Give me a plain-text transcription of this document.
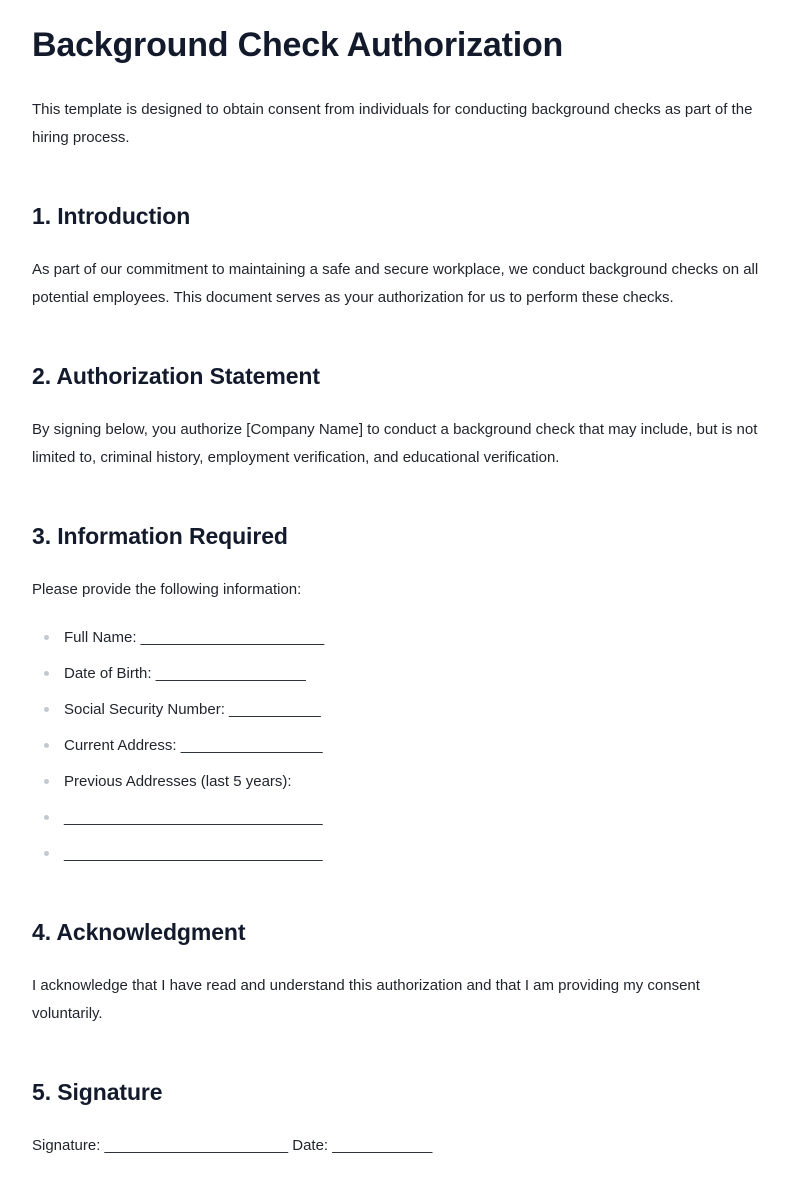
Background Check Authorization

This template is designed to obtain consent from individuals for conducting background checks as part of the hiring process.

1. Introduction

As part of our commitment to maintaining a safe and secure workplace, we conduct background checks on all potential employees. This document serves as your authorization for us to perform these checks.

2. Authorization Statement

By signing below, you authorize [Company Name] to conduct a background check that may include, but is not limited to, criminal history, employment verification, and educational verification.

3. Information Required

Please provide the following information:

Full Name: ______________________
Date of Birth: __________________
Social Security Number: ___________
Current Address: _________________
Previous Addresses (last 5 years):
_______________________________
_______________________________
4. Acknowledgment

I acknowledge that I have read and understand this authorization and that I am providing my consent voluntarily.

5. Signature

Signature: ______________________ Date: ____________
